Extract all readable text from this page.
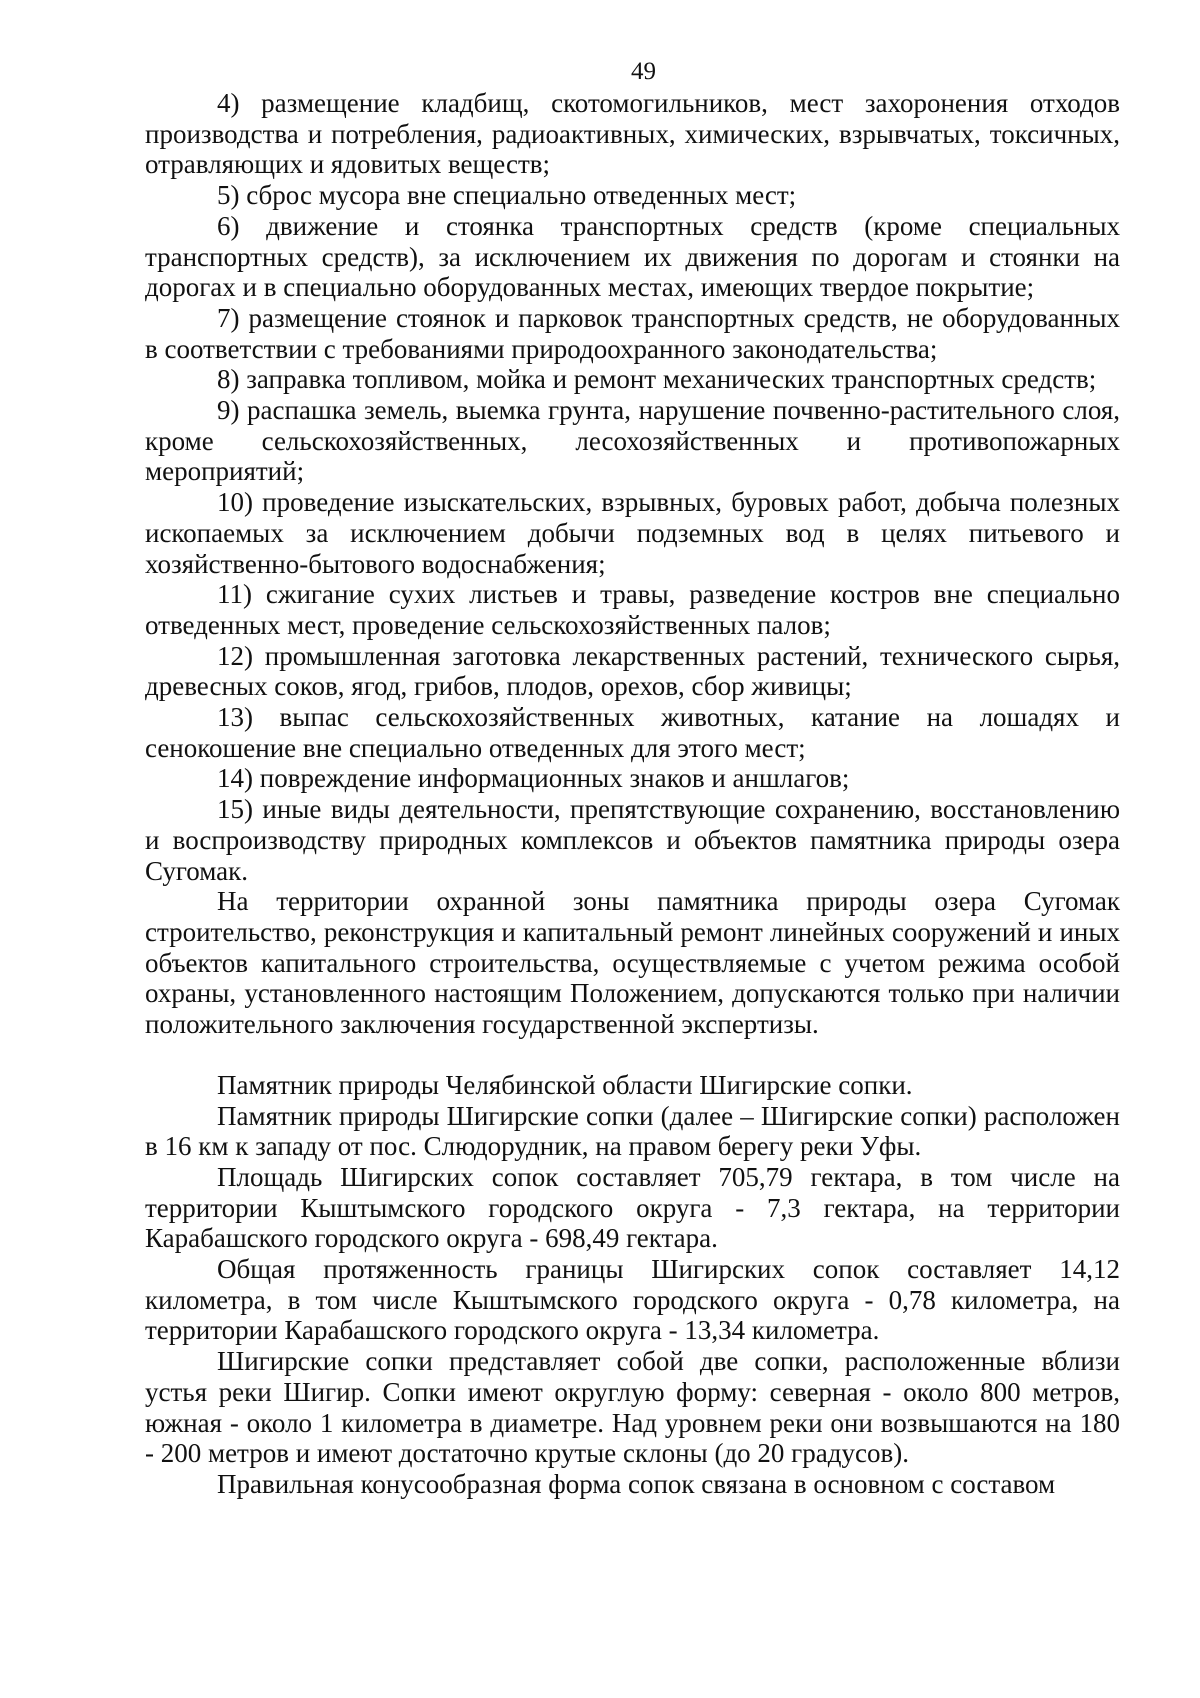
49

4) размещение кладбищ, скотомогильников, мест захоронения отходов производства и потребления, радиоактивных, химических, взрывчатых, токсичных, отравляющих и ядовитых веществ;

5) сброс мусора вне специально отведенных мест;

6) движение и стоянка транспортных средств (кроме специальных транспортных средств), за исключением их движения по дорогам и стоянки на дорогах и в специально оборудованных местах, имеющих твердое покрытие;

7) размещение стоянок и парковок транспортных средств, не оборудованных в соответствии с требованиями природоохранного законодательства;

8) заправка топливом, мойка и ремонт механических транспортных средств;

9) распашка земель, выемка грунта, нарушение почвенно-растительного слоя, кроме сельскохозяйственных, лесохозяйственных и противопожарных мероприятий;

10) проведение изыскательских, взрывных, буровых работ, добыча полезных ископаемых за исключением добычи подземных вод в целях питьевого и хозяйственно-бытового водоснабжения;

11) сжигание сухих листьев и травы, разведение костров вне специально отведенных мест, проведение сельскохозяйственных палов;

12) промышленная заготовка лекарственных растений, технического сырья, древесных соков, ягод, грибов, плодов, орехов, сбор живицы;

13) выпас сельскохозяйственных животных, катание на лошадях и сенокошение вне специально отведенных для этого мест;

14) повреждение информационных знаков и аншлагов;

15) иные виды деятельности, препятствующие сохранению, восстановлению и воспроизводству природных комплексов и объектов памятника природы озера Сугомак.

На территории охранной зоны памятника природы озера Сугомак строительство, реконструкция и капитальный ремонт линейных сооружений и иных объектов капитального строительства, осуществляемые с учетом режима особой охраны, установленного настоящим Положением, допускаются только при наличии положительного заключения государственной экспертизы.

Памятник природы Челябинской области Шигирские сопки.

Памятник природы Шигирские сопки (далее – Шигирские сопки) расположен в 16 км к западу от пос. Слюдорудник, на правом берегу реки Уфы.

Площадь Шигирских сопок составляет 705,79 гектара, в том числе на территории Кыштымского городского округа - 7,3 гектара, на территории Карабашского городского округа - 698,49 гектара.

Общая протяженность границы Шигирских сопок составляет 14,12 километра, в том числе Кыштымского городского округа - 0,78 километра, на территории Карабашского городского округа - 13,34 километра.

Шигирские сопки представляет собой две сопки, расположенные вблизи устья реки Шигир. Сопки имеют округлую форму: северная - около 800 метров, южная - около 1 километра в диаметре. Над уровнем реки они возвышаются на 180 - 200 метров и имеют достаточно крутые склоны (до 20 градусов).

Правильная конусообразная форма сопок связана в основном с составом
